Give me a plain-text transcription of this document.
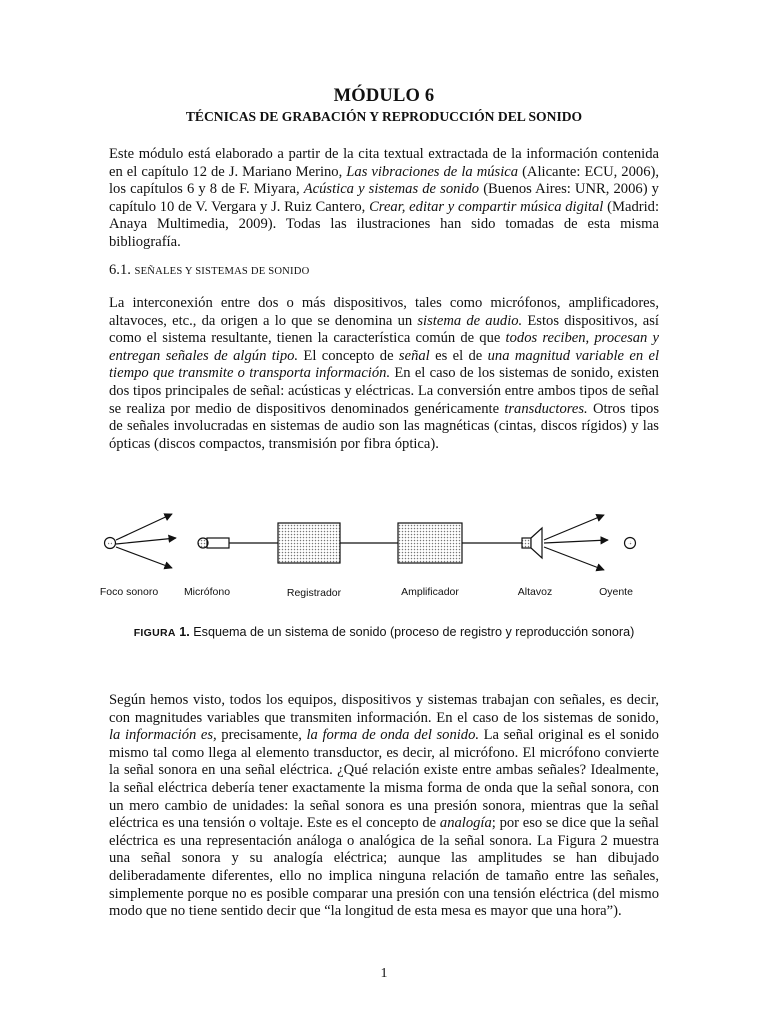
MÓDULO 6
TÉCNICAS DE GRABACIÓN Y REPRODUCCIÓN DEL SONIDO
Este módulo está elaborado a partir de la cita textual extractada de la información contenida en el capítulo 12 de J. Mariano Merino, Las vibraciones de la música (Alicante: ECU, 2006), los capítulos 6 y 8 de F. Miyara, Acústica y sistemas de sonido (Buenos Aires: UNR, 2006) y capítulo 10 de V. Vergara y J. Ruiz Cantero, Crear, editar y compartir música digital (Madrid: Anaya Multimedia, 2009). Todas las ilustraciones han sido tomadas de esta misma bibliografía.
6.1. SEÑALES Y SISTEMAS DE SONIDO
La interconexión entre dos o más dispositivos, tales como micrófonos, amplificadores, altavoces, etc., da origen a lo que se denomina un sistema de audio. Estos dispositivos, así como el sistema resultante, tienen la característica común de que todos reciben, procesan y entregan señales de algún tipo. El concepto de señal es el de una magnitud variable en el tiempo que transmite o transporta información. En el caso de los sistemas de sonido, existen dos tipos principales de señal: acústicas y eléctricas. La conversión entre ambos tipos de señal se realiza por medio de dispositivos denominados genéricamente transductores. Otros tipos de señales involucradas en sistemas de audio son las magnéticas (cintas, discos rígidos) y las ópticas (discos compactos, transmisión por fibra óptica).
Foco sonoro Micrófono	Registrador	Amplificador	Altavoz	Oyente
FIGURA 1. Esquema de un sistema de sonido (proceso de registro y reproducción sonora)
Según hemos visto, todos los equipos, dispositivos y sistemas trabajan con señales, es decir, con magnitudes variables que transmiten información. En el caso de los sistemas de sonido, la información es, precisamente, la forma de onda del sonido. La señal original es el sonido mismo tal como llega al elemento transductor, es decir, al micrófono. El micrófono convierte la señal sonora en una señal eléctrica. ¿Qué relación existe entre ambas señales? Idealmente, la señal eléctrica debería tener exactamente la misma forma de onda que la señal sonora, con un mero cambio de unidades: la señal sonora es una presión sonora, mientras que la señal eléctrica es una tensión o voltaje. Este es el concepto de analogía; por eso se dice que la señal eléctrica es una representación análoga o analógica de la señal sonora. La Figura 2 muestra una señal sonora y su analogía eléctrica; aunque las amplitudes se han dibujado deliberadamente diferentes, ello no implica ninguna relación de tamaño entre las señales, simplemente porque no es posible comparar una presión con una tensión eléctrica (del mismo modo que no tiene sentido decir que “la longitud de esta mesa es mayor que una hora”).
1
